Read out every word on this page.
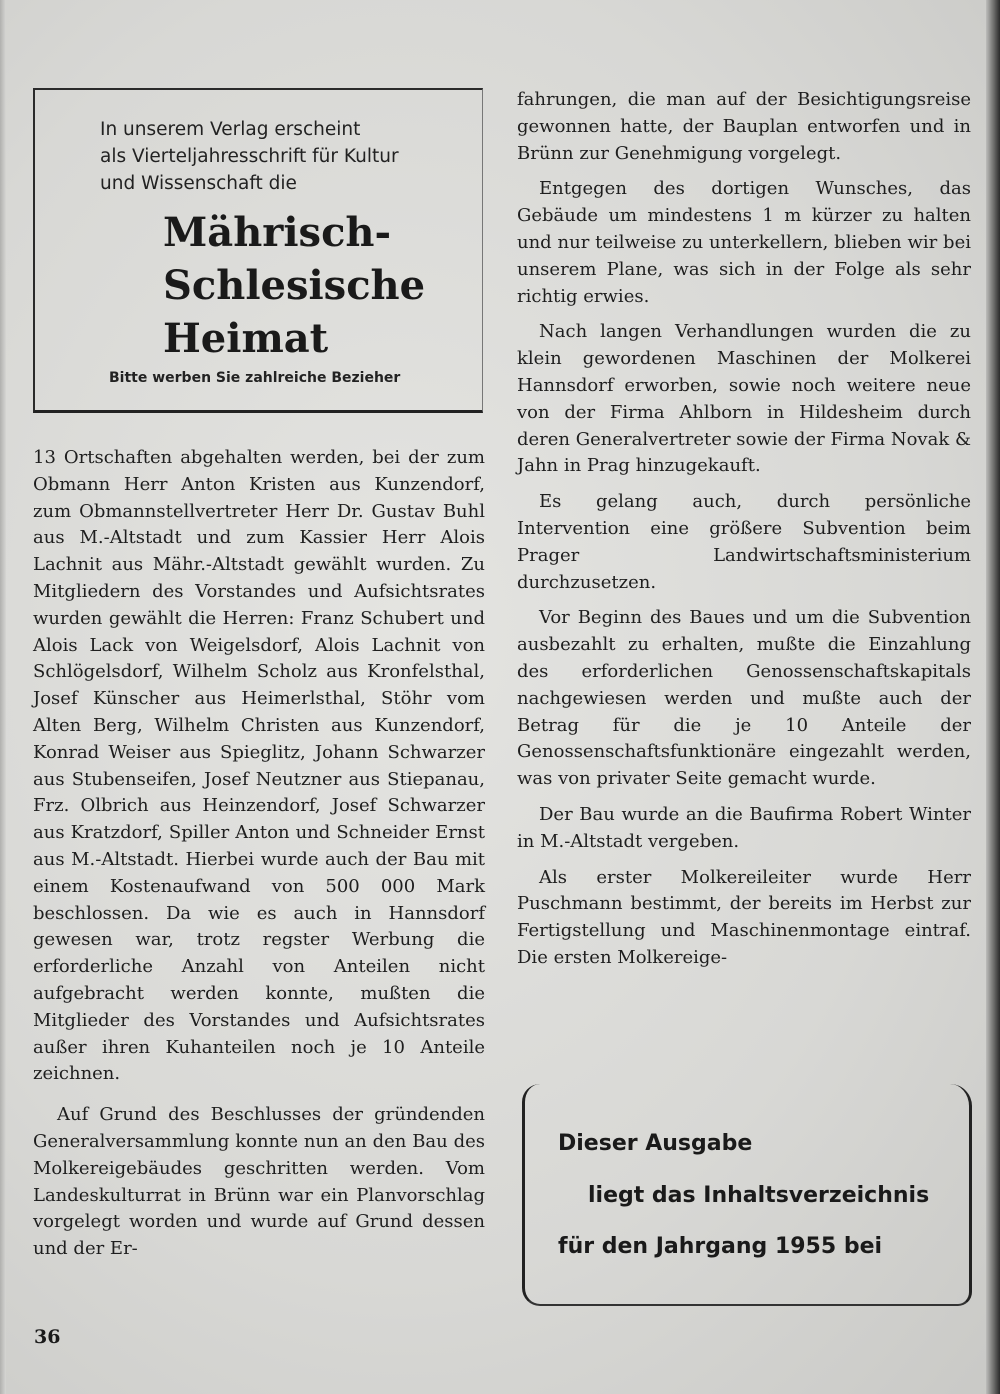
In unserem Verlag erscheint
als Vierteljahresschrift für Kultur
und Wissenschaft die
Mährisch-
Schlesische
Heimat
Bitte werben Sie zahlreiche Bezieher

13 Ortschaften abgehalten werden, bei der zum Obmann Herr Anton Kristen aus Kunzendorf, zum Obmannstellvertreter Herr Dr. Gustav Buhl aus M.-Altstadt und zum Kassier Herr Alois Lachnit aus Mähr.-Altstadt gewählt wurden. Zu Mitgliedern des Vorstandes und Aufsichtsrates wurden gewählt die Herren: Franz Schubert und Alois Lack von Weigelsdorf, Alois Lachnit von Schlögelsdorf, Wilhelm Scholz aus Kronfelsthal, Josef Künscher aus Heimerlsthal, Stöhr vom Alten Berg, Wilhelm Christen aus Kunzendorf, Konrad Weiser aus Spieglitz, Johann Schwarzer aus Stubenseifen, Josef Neutzner aus Stiepanau, Frz. Olbrich aus Heinzendorf, Josef Schwarzer aus Kratzdorf, Spiller Anton und Schneider Ernst aus M.-Altstadt. Hierbei wurde auch der Bau mit einem Kostenaufwand von 500 000 Mark beschlossen. Da wie es auch in Hannsdorf gewesen war, trotz regster Werbung die erforderliche Anzahl von Anteilen nicht aufgebracht werden konnte, mußten die Mitglieder des Vorstandes und Aufsichtsrates außer ihren Kuhanteilen noch je 10 Anteile zeichnen.

Auf Grund des Beschlusses der gründenden Generalversammlung konnte nun an den Bau des Molkereigebäudes geschritten werden. Vom Landeskulturrat in Brünn war ein Planvorschlag vorgelegt worden und wurde auf Grund dessen und der Er-

fahrungen, die man auf der Besichtigungsreise gewonnen hatte, der Bauplan entworfen und in Brünn zur Genehmigung vorgelegt.

Entgegen des dortigen Wunsches, das Gebäude um mindestens 1 m kürzer zu halten und nur teilweise zu unterkellern, blieben wir bei unserem Plane, was sich in der Folge als sehr richtig erwies.

Nach langen Verhandlungen wurden die zu klein gewordenen Maschinen der Molkerei Hannsdorf erworben, sowie noch weitere neue von der Firma Ahlborn in Hildesheim durch deren Generalvertreter sowie der Firma Novak & Jahn in Prag hinzugekauft.

Es gelang auch, durch persönliche Intervention eine größere Subvention beim Prager Landwirtschaftsministerium durchzusetzen.

Vor Beginn des Baues und um die Subvention ausbezahlt zu erhalten, mußte die Einzahlung des erforderlichen Genossenschaftskapitals nachgewiesen werden und mußte auch der Betrag für die je 10 Anteile der Genossenschaftsfunktionäre eingezahlt werden, was von privater Seite gemacht wurde.

Der Bau wurde an die Baufirma Robert Winter in M.-Altstadt vergeben.

Als erster Molkereileiter wurde Herr Puschmann bestimmt, der bereits im Herbst zur Fertigstellung und Maschinenmontage eintraf. Die ersten Molkereige-

Dieser Ausgabe
liegt das Inhaltsverzeichnis
für den Jahrgang 1955 bei
36
